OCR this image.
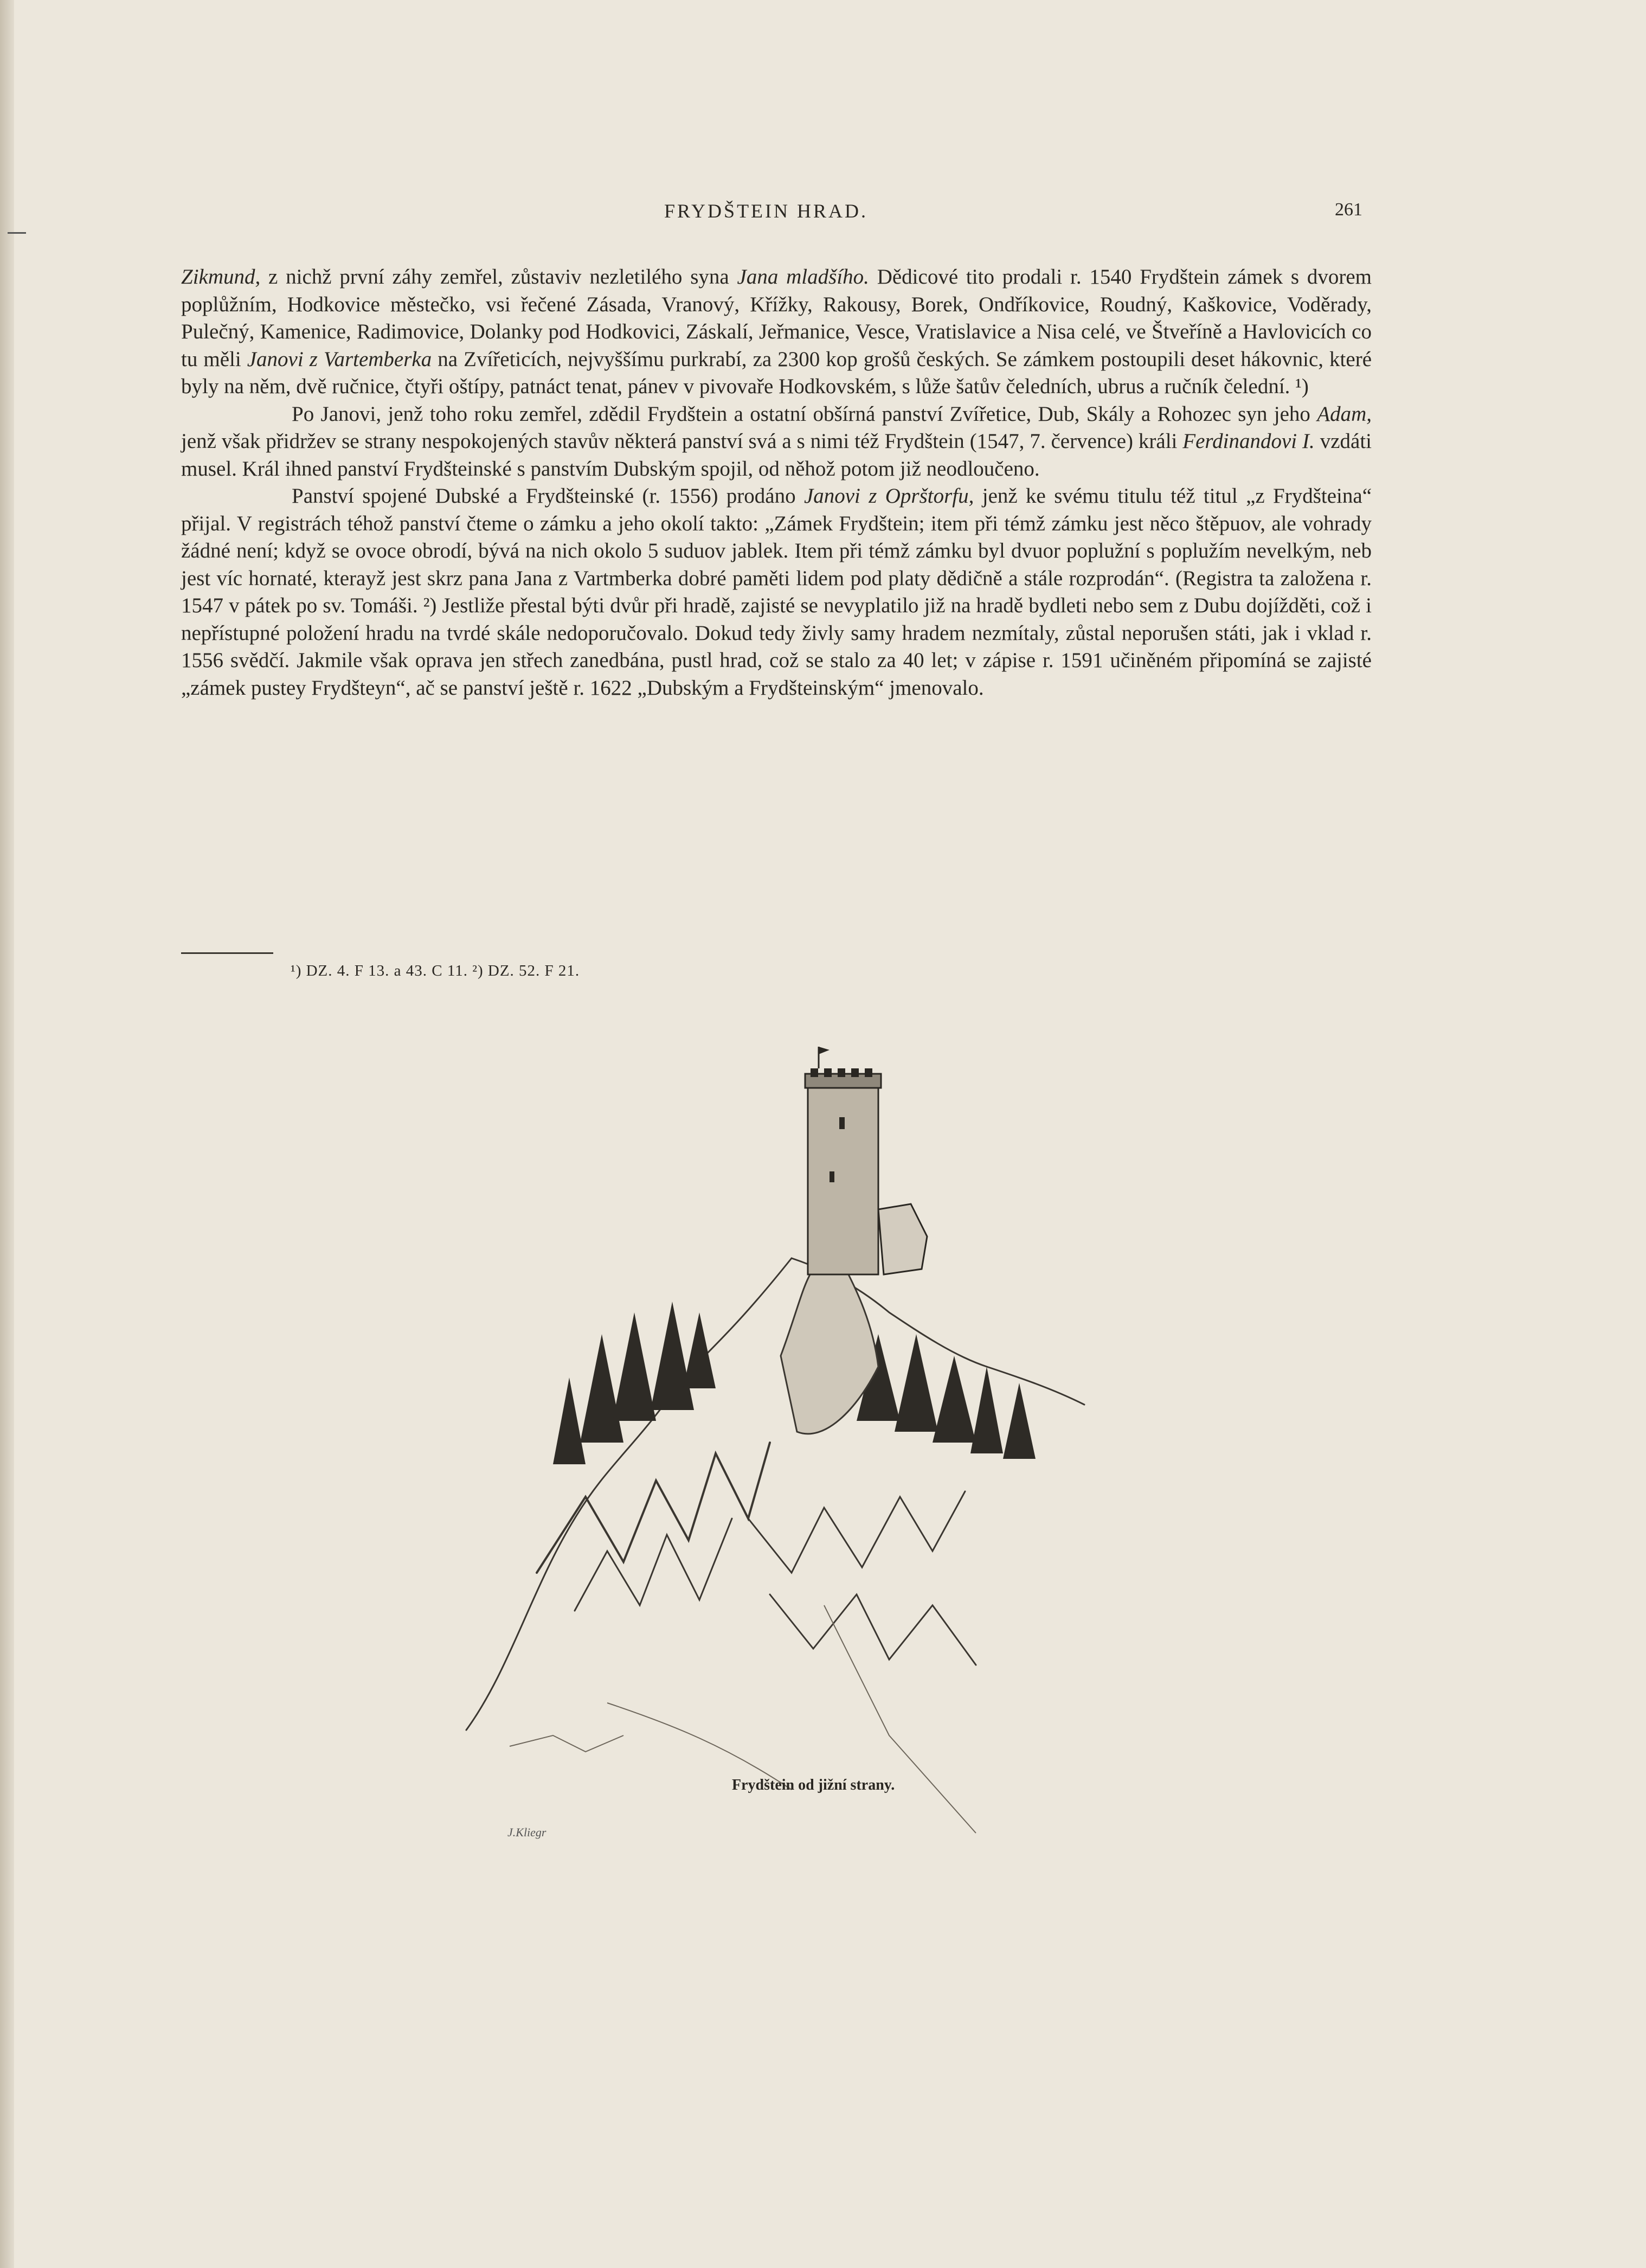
FRYDŠTEIN HRAD.	261

Zikmund, z nichž první záhy zemřel, zůstaviv nezletilého syna Jana mladšího. Dědicové tito prodali r. 1540 Frydštein zámek s dvorem poplůžním, Hodkovice městečko, vsi řečené Zásada, Vranový, Křížky, Rakousy, Borek, Ondříkovice, Roudný, Kaškovice, Voděrady, Pulečný, Kamenice, Radimovice, Dolanky pod Hodkovici, Záskalí, Jeřmanice, Vesce, Vratislavice a Nisa celé, ve Štveříně a Havlovicích co tu měli Janovi z Vartemberka na Zvířeticích, nejvyššímu purkrabí, za 2300 kop grošů českých. Se zámkem postoupili deset hákovnic, které byly na něm, dvě ručnice, čtyři oštípy, patnáct tenat, pánev v pivovaře Hodkovském, s lůže šatův čeledních, ubrus a ručník čelední. ¹)

Po Janovi, jenž toho roku zemřel, zdědil Frydštein a ostatní obšírná panství Zvířetice, Dub, Skály a Rohozec syn jeho Adam, jenž však přidržev se strany nespokojených stavův některá panství svá a s nimi též Frydštein (1547, 7. července) králi Ferdinandovi I. vzdáti musel. Král ihned panství Frydšteinské s panstvím Dubským spojil, od něhož potom již neodloučeno.

Panství spojené Dubské a Frydšteinské (r. 1556) prodáno Janovi z Oprštorfu, jenž ke svému titulu též titul „z Frydšteina“ přijal. V registrách téhož panství čteme o zámku a jeho okolí takto: „Zámek Frydštein; item při témž zámku jest něco štěpuov, ale vohrady žádné není; když se ovoce obrodí, bývá na nich okolo 5 suduov jablek. Item při témž zámku byl dvuor poplužní s poplužím nevelkým, neb jest víc hornaté, kterayž jest skrz pana Jana z Vartmberka dobré paměti lidem pod platy dědičně a stále rozprodán“. (Registra ta založena r. 1547 v pátek po sv. Tomáši. ²) Jestliže přestal býti dvůr při hradě, zajisté se nevyplatilo již na hradě bydleti nebo sem z Dubu dojížděti, což i nepřístupné položení hradu na tvrdé skále nedoporučovalo. Dokud tedy živly samy hradem nezmítaly, zůstal neporušen státi, jak i vklad r. 1556 svědčí. Jakmile však oprava jen střech zanedbána, pustl hrad, což se stalo za 40 let; v zápise r. 1591 učiněném připomíná se zajisté „zámek pustey Frydšteyn“, ač se panství ještě r. 1622 „Dubským a Frydšteinským“ jmenovalo.

¹) DZ. 4. F 13. a 43. C 11. ²) DZ. 52. F 21.
Frydštein od jižní strany.
J.Kliegr
